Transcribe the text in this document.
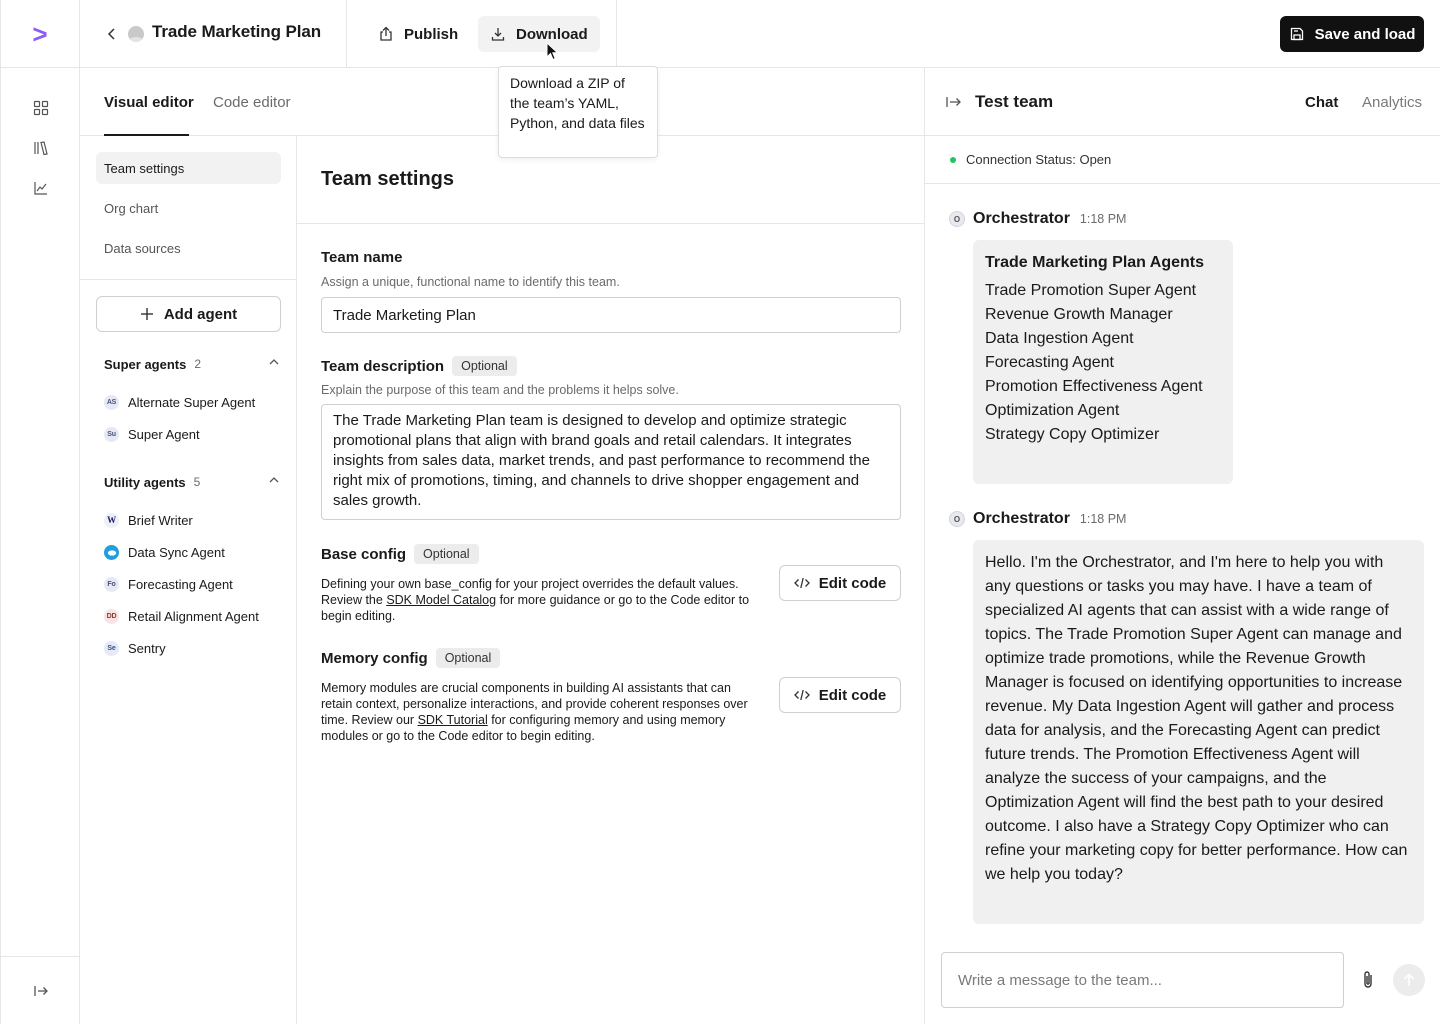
>	Trade Marketing Plan	Publish	Download	Save and load
Download a ZIP of the team’s YAML, Python, and data files
Visual editor Code editor
Team settings
Org chart
Data sources
Add agent
Super agents 2
AS Alternate Super Agent
Su Super Agent
Utility agents 5
W Brief Writer
Data Sync Agent
Fo Forecasting Agent
DD Retail Alignment Agent
Se Sentry
Team settings
Team name
Assign a unique, functional name to identify this team.
Trade Marketing Plan
Team description	Optional
Explain the purpose of this team and the problems it helps solve.
The Trade Marketing Plan team is designed to develop and optimize strategic promotional plans that align with brand goals and retail calendars. It integrates insights from sales data, market trends, and past performance to recommend the right mix of promotions, timing, and channels to drive shopper engagement and sales growth.
Base config	Optional
Defining your own base_config for your project overrides the default values. Review the SDK Model Catalog for more guidance or go to the Code editor to begin editing.
Edit code
Memory config	Optional
Memory modules are crucial components in building AI assistants that can retain context, personalize interactions, and provide coherent responses over time. Review our SDK Tutorial for configuring memory and using memory modules or go to the Code editor to begin editing.
Edit code
Test team	Chat Analytics
Connection Status: Open
O Orchestrator 1:18 PM
Trade Marketing Plan Agents
Trade Promotion Super Agent
Revenue Growth Manager
Data Ingestion Agent
Forecasting Agent
Promotion Effectiveness Agent
Optimization Agent
Strategy Copy Optimizer
O Orchestrator 1:18 PM
Hello. I'm the Orchestrator, and I'm here to help you with any questions or tasks you may have. I have a team of specialized AI agents that can assist with a wide range of topics. The Trade Promotion Super Agent can manage and optimize trade promotions, while the Revenue Growth Manager is focused on identifying opportunities to increase revenue. My Data Ingestion Agent will gather and process data for analysis, and the Forecasting Agent can predict future trends. The Promotion Effectiveness Agent will analyze the success of your campaigns, and the Optimization Agent will find the best path to your desired outcome. I also have a Strategy Copy Optimizer who can refine your marketing copy for better performance. How can we help you today?
Write a message to the team...
